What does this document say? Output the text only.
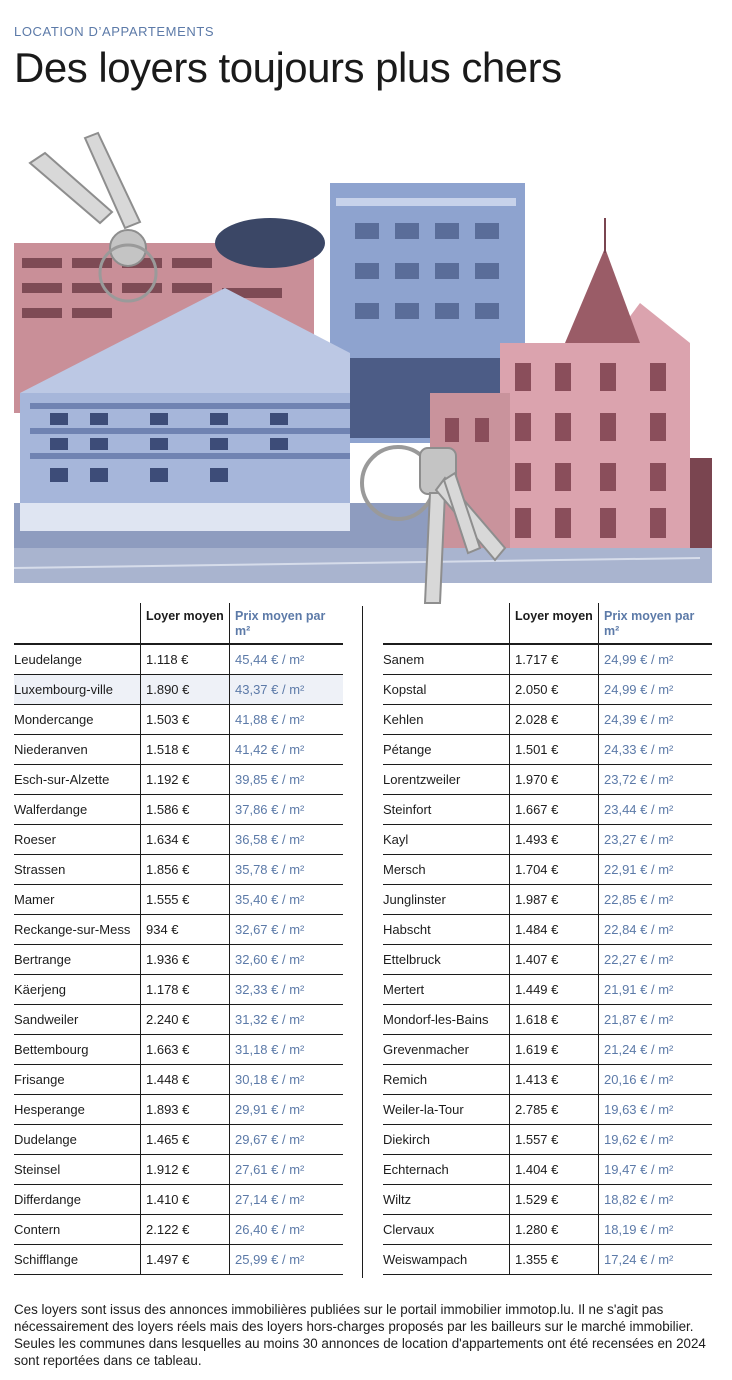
LOCATION D’APPARTEMENTS
Des loyers toujours plus chers
	Loyer moyen	Prix moyen par m²
Leudelange	1.118 €	45,44 € / m²
Luxembourg-ville	1.890 €	43,37 € / m²
Mondercange	1.503 €	41,88 € / m²
Niederanven	1.518 €	41,42 € / m²
Esch-sur-Alzette	1.192 €	39,85 € / m²
Walferdange	1.586 €	37,86 € / m²
Roeser	1.634 €	36,58 € / m²
Strassen	1.856 €	35,78 € / m²
Mamer	1.555 €	35,40 € / m²
Reckange-sur-Mess	934 €	32,67 € / m²
Bertrange	1.936 €	32,60 € / m²
Käerjeng	1.178 €	32,33 € / m²
Sandweiler	2.240 €	31,32 € / m²
Bettembourg	1.663 €	31,18 € / m²
Frisange	1.448 €	30,18 € / m²
Hesperange	1.893 €	29,91 € / m²
Dudelange	1.465 €	29,67 € / m²
Steinsel	1.912 €	27,61 € / m²
Differdange	1.410 €	27,14 € / m²
Contern	2.122 €	26,40 € / m²
Schifflange	1.497 €	25,99 € / m²
	Loyer moyen	Prix moyen par m²
Sanem	1.717 €	24,99 € / m²
Kopstal	2.050 €	24,99 € / m²
Kehlen	2.028 €	24,39 € / m²
Pétange	1.501 €	24,33 € / m²
Lorentzweiler	1.970 €	23,72 € / m²
Steinfort	1.667 €	23,44 € / m²
Kayl	1.493 €	23,27 € / m²
Mersch	1.704 €	22,91 € / m²
Junglinster	1.987 €	22,85 € / m²
Habscht	1.484 €	22,84 € / m²
Ettelbruck	1.407 €	22,27 € / m²
Mertert	1.449 €	21,91 € / m²
Mondorf-les-Bains	1.618 €	21,87 € / m²
Grevenmacher	1.619 €	21,24 € / m²
Remich	1.413 €	20,16 € / m²
Weiler-la-Tour	2.785 €	19,63 € / m²
Diekirch	1.557 €	19,62 € / m²
Echternach	1.404 €	19,47 € / m²
Wiltz	1.529 €	18,82 € / m²
Clervaux	1.280 €	18,19 € / m²
Weiswampach	1.355 €	17,24 € / m²

Ces loyers sont issus des annonces immobilières publiées sur le portail immobilier immotop.lu. Il ne s'agit pas nécessairement des loyers réels mais des loyers hors-charges proposés par les bailleurs sur le marché immobilier. Seules les communes dans lesquelles au moins 30 annonces de location d'appartements ont été recensées en 2024 sont reportées dans ce tableau.
